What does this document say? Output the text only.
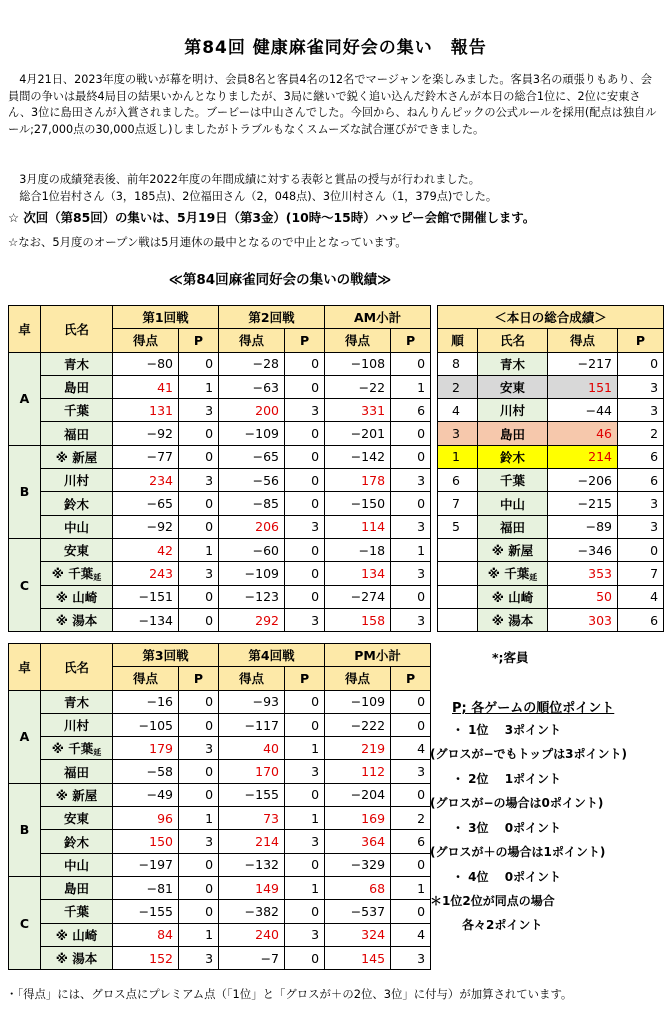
第84回 健康麻雀同好会の集い　報告
4月21日、2023年度の戦いが幕を明け、会員8名と客員4名の12名でマージャンを楽しみました。客員3名の頑張りもあり、会員間の争いは最終4局目の結果いかんとなりましたが、3局に継いで鋭く追い込んだ鈴木さんが本日の総合1位に、2位に安東さん、3位に島田さんが入賞されました。ブービーは中山さんでした。今回から、ねんりんピックの公式ルールを採用(配点は独自ルール;27,000点の30,000点返し)しましたがトラブルもなくスムーズな試合運びができました。
3月度の成績発表後、前年2022年度の年間成績に対する表彰と賞品の授与が行われました。
総合1位岩村さん（3，185点)、2位福田さん（2，048点)、3位川村さん（1，379点)でした。
☆ 次回（第85回）の集いは、5月19日（第3金）(10時〜15時）ハッピー会館で開催します。
☆なお、5月度のオープン戦は5月連休の最中となるので中止となっています。
≪第84回麻雀同好会の集いの戦績≫
卓	氏名	第1回戦		第2回戦		AM小計	
		得点	P	得点	P	得点	P
A	青木	−80	0	−28	0	−108	0
	島田	41	1	−63	0	−22	1
	千葉	131	3	200	3	331	6
	福田	−92	0	−109	0	−201	0
B	※ 新屋	−77	0	−65	0	−142	0
	川村	234	3	−56	0	178	3
	鈴木	−65	0	−85	0	−150	0
	中山	−92	0	206	3	114	3
C	安東	42	1	−60	0	−18	1
	※ 千葉$_延$	243	3	−109	0	134	3
	※ 山崎	−151	0	−123	0	−274	0
	※ 湯本	−134	0	292	3	158	3
卓	氏名	第3回戦		第4回戦		PM小計	
		得点	P	得点	P	得点	P
A	青木	−16	0	−93	0	−109	0
	川村	−105	0	−117	0	−222	0
	※ 千葉$_延$	179	3	40	1	219	4
	福田	−58	0	170	3	112	3
B	※ 新屋	−49	0	−155	0	−204	0
	安東	96	1	73	1	169	2
	鈴木	150	3	214	3	364	6
	中山	−197	0	−132	0	−329	0
C	島田	−81	0	149	1	68	1
	千葉	−155	0	−382	0	−537	0
	※ 山崎	84	1	240	3	324	4
	※ 湯本	152	3	−7	0	145	3
＜本日の総合成績＞			
順	氏名	得点	P
8	青木	−217	0
2	安東	151	3
4	川村	−44	3
3	島田	46	2
1	鈴木	214	6
6	千葉	−206	6
7	中山	−215	3
5	福田	−89	3
	※ 新屋	−346	0
	※ 千葉$_延$	353	7
	※ 山崎	50	4
	※ 湯本	303	6
*;客員
P; 各ゲームの順位ポイント
・ 1位　 3ポイント
(グロスが−でもトップは3ポイント)
・ 2位　 1ポイント
(グロスが−の場合は0ポイント)
・ 3位　 0ポイント
(グロスが＋の場合は1ポイント)
・ 4位　 0ポイント
＊1位2位が同点の場合
各々2ポイント
・「得点」には、グロス点にプレミアム点（「1位」と「グロスが＋の2位、3位」に付与）が加算されています。
